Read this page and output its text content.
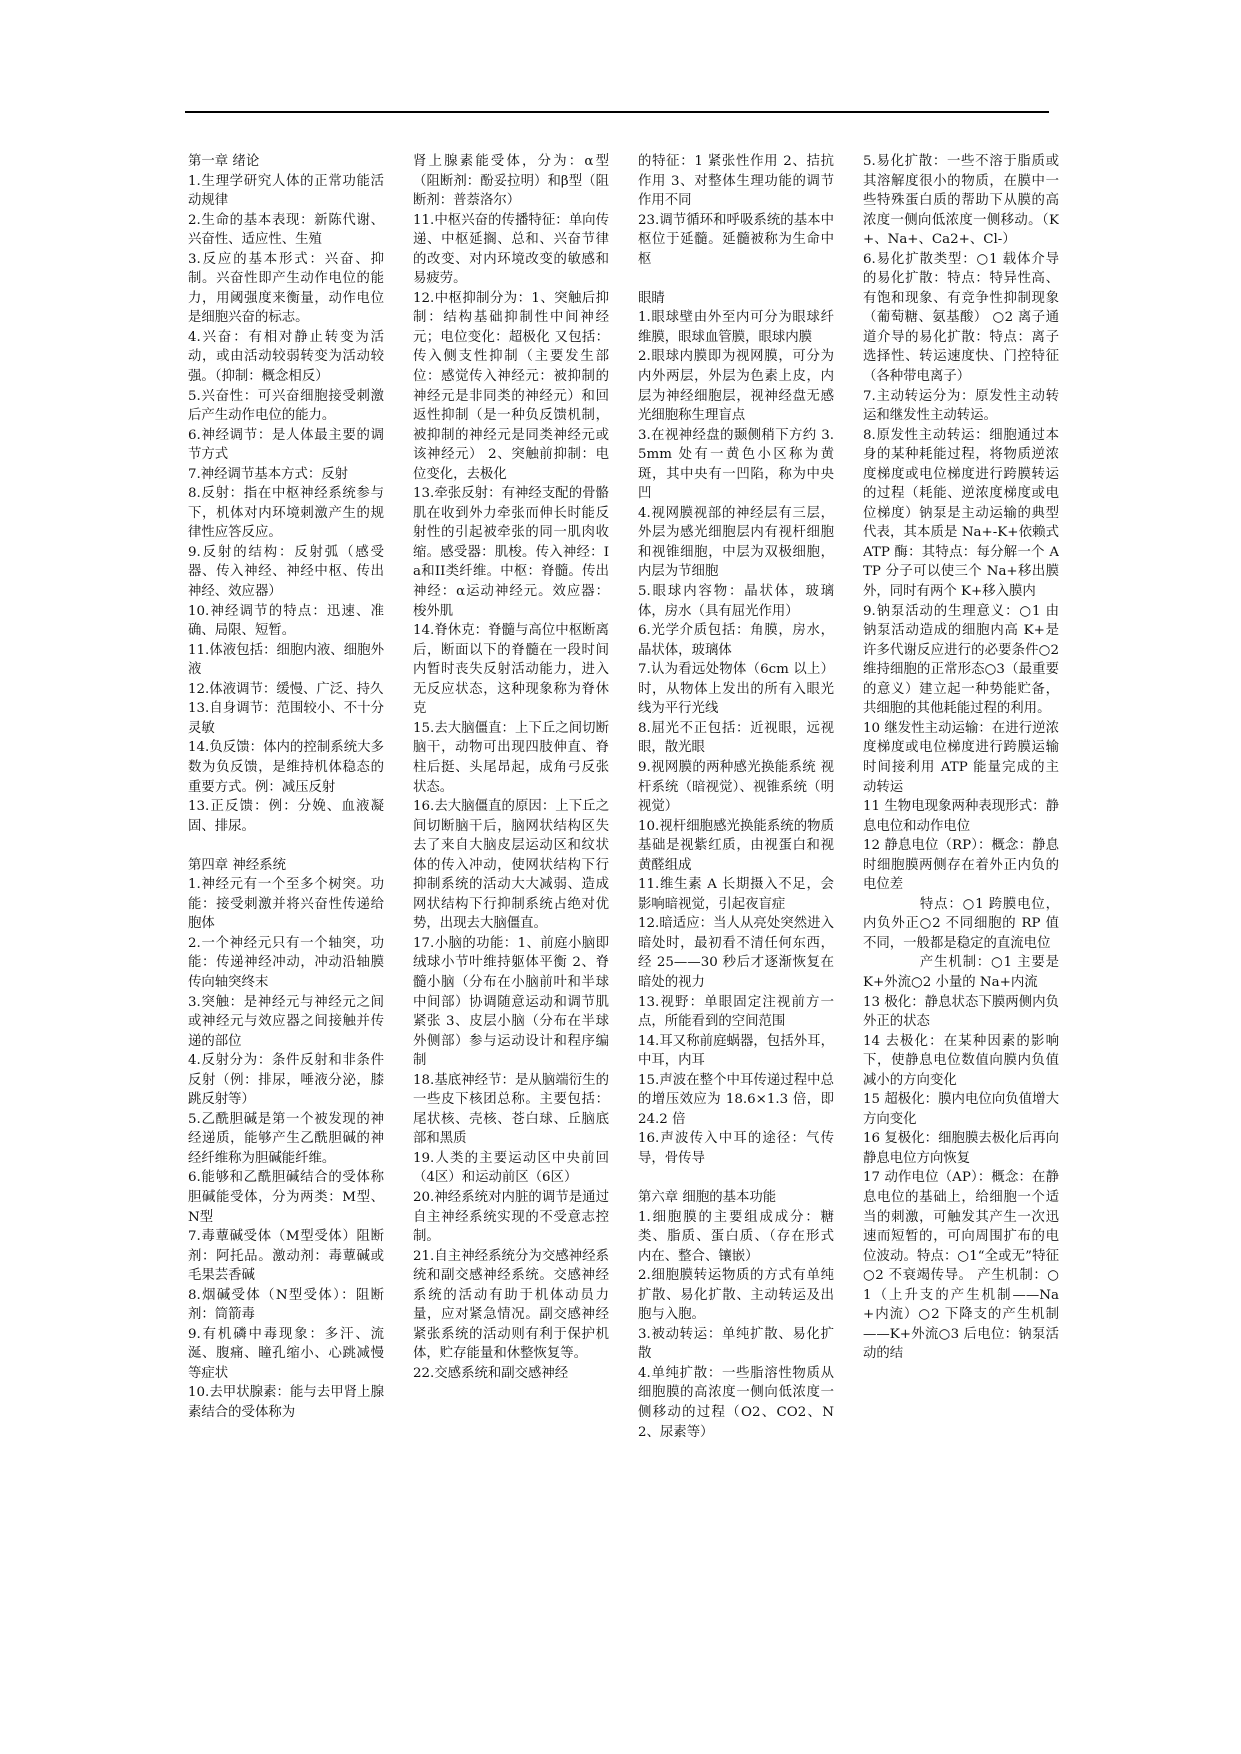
第一章 绪论

1.生理学研究人体的正常功能活动规律

2.生命的基本表现：新陈代谢、兴奋性、适应性、生殖

3.反应的基本形式：兴奋、抑制。兴奋性即产生动作电位的能力，用阈强度来衡量，动作电位是细胞兴奋的标志。

4.兴奋：有相对静止转变为活动，或由活动较弱转变为活动较强。（抑制：概念相反）

5.兴奋性：可兴奋细胞接受刺激后产生动作电位的能力。

6.神经调节：是人体最主要的调节方式

7.神经调节基本方式：反射

8.反射：指在中枢神经系统参与下，机体对内环境刺激产生的规律性应答反应。

9.反射的结构：反射弧（感受器、传入神经、神经中枢、传出神经、效应器）

10.神经调节的特点：迅速、准确、局限、短暂。

11.体液包括：细胞内液、细胞外液

12.体液调节：缓慢、广泛、持久

13.自身调节：范围较小、不十分灵敏

14.负反馈：体内的控制系统大多数为负反馈，是维持机体稳态的重要方式。例：减压反射

13.正反馈：例：分娩、血液凝固、排尿。

第四章 神经系统

1.神经元有一个至多个树突。功能：接受刺激并将兴奋性传递给胞体

2.一个神经元只有一个轴突，功能：传递神经冲动，冲动沿轴膜传向轴突终末

3.突触：是神经元与神经元之间或神经元与效应器之间接触并传递的部位

4.反射分为：条件反射和非条件反射（例：排尿，唾液分泌，膝跳反射等）

5.乙酰胆碱是第一个被发现的神经递质，能够产生乙酰胆碱的神经纤维称为胆碱能纤维。

6.能够和乙酰胆碱结合的受体称胆碱能受体，分为两类：M型、N型

7.毒蕈碱受体（M型受体）阻断剂：阿托品。激动剂：毒蕈碱或毛果芸香碱

8.烟碱受体（N型受体）：阻断剂：筒箭毒

9.有机磷中毒现象：多汗、流涎、腹痛、瞳孔缩小、心跳减慢等症状

10.去甲状腺素：能与去甲肾上腺素结合的受体称为

肾上腺素能受体，分为：α型（阻断剂：酚妥拉明）和β型（阻断剂：普萘洛尔）

11.中枢兴奋的传播特征：单向传递、中枢延搁、总和、兴奋节律的改变、对内环境改变的敏感和易疲劳。

12.中枢抑制分为：1、突触后抑制：结构基础抑制性中间神经元；电位变化：超极化 又包括：传入侧支性抑制（主要发生部位：感觉传入神经元：被抑制的神经元是非同类的神经元）和回返性抑制（是一种负反馈机制，被抑制的神经元是同类神经元或该神经元） 2、突触前抑制：电位变化，去极化

13.牵张反射：有神经支配的骨骼肌在收到外力牵张而伸长时能反射性的引起被牵张的同一肌肉收缩。感受器：肌梭。传入神经：Ia和II类纤维。中枢：脊髓。传出神经：α运动神经元。效应器：梭外肌

14.脊休克：脊髓与高位中枢断离后，断面以下的脊髓在一段时间内暂时丧失反射活动能力，进入无反应状态，这种现象称为脊休克

15.去大脑僵直：上下丘之间切断脑干，动物可出现四肢伸直、脊柱后挺、头尾昂起，成角弓反张状态。

16.去大脑僵直的原因：上下丘之间切断脑干后，脑网状结构区失去了来自大脑皮层运动区和纹状体的传入冲动，使网状结构下行抑制系统的活动大大减弱、造成网状结构下行抑制系统占绝对优势，出现去大脑僵直。

17.小脑的功能：1、前庭小脑即绒球小节叶维持躯体平衡 2、脊髓小脑（分布在小脑前叶和半球中间部）协调随意运动和调节肌紧张 3、皮层小脑（分布在半球外侧部）参与运动设计和程序编制

18.基底神经节：是从脑端衍生的一些皮下核团总称。主要包括：尾状核、壳核、苍白球、丘脑底部和黑质

19.人类的主要运动区中央前回（4区）和运动前区（6区）

20.神经系统对内脏的调节是通过自主神经系统实现的不受意志控制。

21.自主神经系统分为交感神经系统和副交感神经系统。交感神经系统的活动有助于机体动员力量，应对紧急情况。副交感神经紧张系统的活动则有利于保护机体，贮存能量和休整恢复等。

22.交感系统和副交感神经

的特征：1 紧张性作用 2、拮抗作用 3、对整体生理功能的调节作用不同

23.调节循环和呼吸系统的基本中枢位于延髓。延髓被称为生命中枢

眼睛

1.眼球壁由外至内可分为眼球纤维膜，眼球血管膜，眼球内膜

2.眼球内膜即为视网膜，可分为内外两层，外层为色素上皮，内层为神经细胞层，视神经盘无感光细胞称生理盲点

3.在视神经盘的颞侧稍下方约 3.5mm 处有一黄色小区称为黄斑，其中央有一凹陷，称为中央凹

4.视网膜视部的神经层有三层，外层为感光细胞层内有视杆细胞和视锥细胞，中层为双极细胞，内层为节细胞

5.眼球内容物：晶状体，玻璃体，房水（具有屈光作用）

6.光学介质包括：角膜，房水，晶状体，玻璃体

7.认为看远处物体（6cm 以上）时，从物体上发出的所有入眼光线为平行光线

8.屈光不正包括：近视眼，远视眼，散光眼

9.视网膜的两种感光换能系统 视杆系统（暗视觉）、视锥系统（明视觉）

10.视杆细胞感光换能系统的物质基础是视紫红质，由视蛋白和视黄醛组成

11.维生素 A 长期摄入不足，会影响暗视觉，引起夜盲症

12.暗适应：当人从亮处突然进入暗处时，最初看不清任何东西，经 25——30 秒后才逐渐恢复在暗处的视力

13.视野：单眼固定注视前方一点，所能看到的空间范围

14.耳又称前庭蜗器，包括外耳，中耳，内耳

15.声波在整个中耳传递过程中总的增压效应为 18.6×1.3 倍，即 24.2 倍

16.声波传入中耳的途径：气传导，骨传导

第六章 细胞的基本功能

1.细胞膜的主要组成成分：糖类、脂质、蛋白质、（存在形式 内在、整合、镶嵌）

2.细胞膜转运物质的方式有单纯扩散、易化扩散、主动转运及出胞与入胞。

3.被动转运：单纯扩散、易化扩散

4.单纯扩散：一些脂溶性物质从细胞膜的高浓度一侧向低浓度一侧移动的过程（O2、CO2、N2、尿素等）

5.易化扩散：一些不溶于脂质或其溶解度很小的物质，在膜中一些特殊蛋白质的帮助下从膜的高浓度一侧向低浓度一侧移动。（K+、Na+、Ca2+、Cl-）

6.易化扩散类型：○1 载体介导的易化扩散：特点：特异性高、有饱和现象、有竞争性抑制现象（葡萄糖、氨基酸） ○2 离子通道介导的易化扩散：特点：离子选择性、转运速度快、门控特征（各种带电离子）

7.主动转运分为：原发性主动转运和继发性主动转运。

8.原发性主动转运：细胞通过本身的某种耗能过程，将物质逆浓度梯度或电位梯度进行跨膜转运的过程（耗能、逆浓度梯度或电位梯度）钠泵是主动运输的典型代表，其本质是 Na+-K+依赖式 ATP 酶：其特点：每分解一个 ATP 分子可以使三个 Na+移出膜外，同时有两个 K+移入膜内

9.钠泵活动的生理意义：○1 由钠泵活动造成的细胞内高 K+是许多代谢反应进行的必要条件○2 维持细胞的正常形态○3（最重要的意义）建立起一种势能贮备，共细胞的其他耗能过程的利用。

10 继发性主动运输：在进行逆浓度梯度或电位梯度进行跨膜运输时间接利用 ATP 能量完成的主动转运

11 生物电现象两种表现形式：静息电位和动作电位

12 静息电位（RP）：概念：静息时细胞膜两侧存在着外正内负的电位差

　　　　特点：○1 跨膜电位，内负外正○2 不同细胞的 RP 值不同，一般都是稳定的直流电位

　　　　产生机制：○1 主要是 K+外流○2 小量的 Na+内流

13 极化：静息状态下膜两侧内负外正的状态

14 去极化：在某种因素的影响下，使静息电位数值向膜内负值减小的方向变化

15 超极化：膜内电位向负值增大方向变化

16 复极化：细胞膜去极化后再向静息电位方向恢复

17 动作电位（AP）：概念：在静息电位的基础上，给细胞一个适当的刺激，可触发其产生一次迅速而短暂的，可向周围扩布的电位波动。特点：○1“全或无”特征○2 不衰竭传导。 产生机制：○1（上升支的产生机制——Na+内流）○2 下降支的产生机制——K+外流○3 后电位：钠泵活动的结
